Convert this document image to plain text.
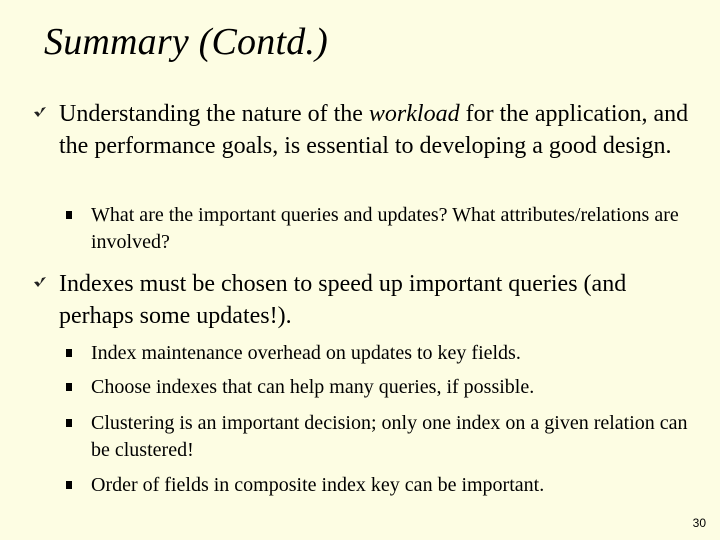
Summary (Contd.)
Understanding the nature of the workload for the application, and the performance goals, is essential to developing a good design.
What are the important queries and updates? What attributes/relations are involved?
Indexes must be chosen to speed up important queries (and perhaps some updates!).
Index maintenance overhead on updates to key fields.
Choose indexes that can help many queries, if possible.
Clustering is an important decision; only one index on a given relation can be clustered!
Order of fields in composite index key can be important.
30
